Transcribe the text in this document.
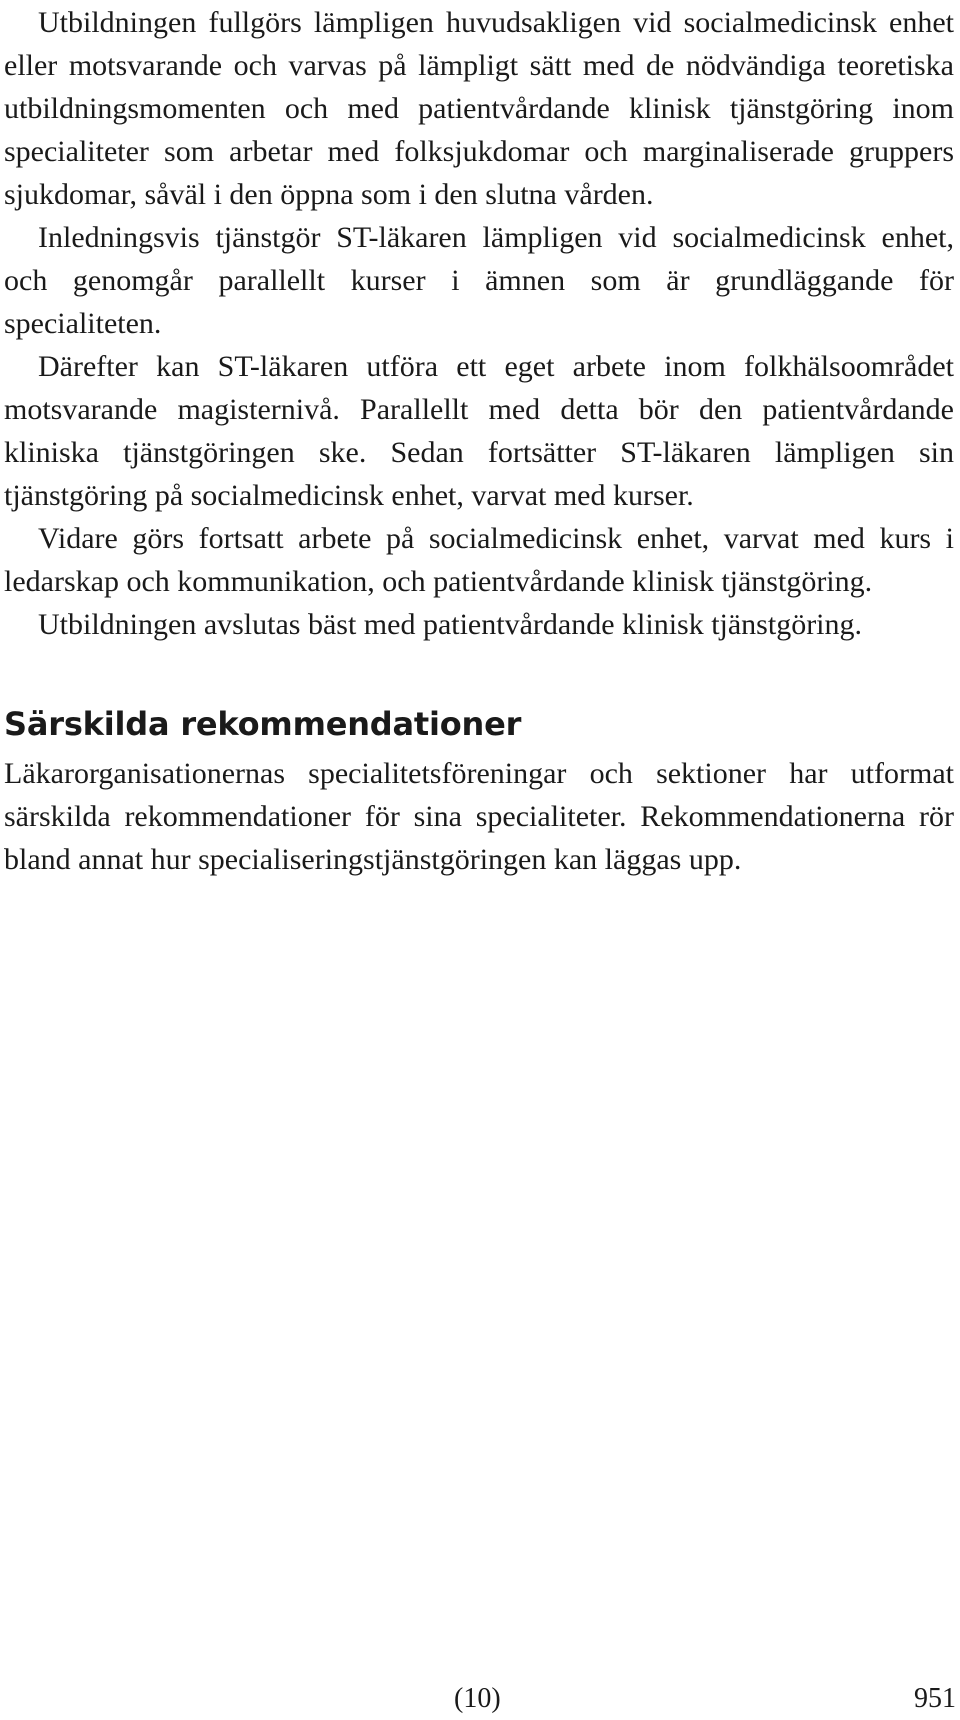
Utbildningen fullgörs lämpligen huvudsakligen vid socialmedicinsk enhet eller motsvarande och varvas på lämpligt sätt med de nödvändiga teoretiska utbildningsmomenten och med patientvårdande klinisk tjänstgöring inom specialiteter som arbetar med folksjukdomar och marginaliserade gruppers sjukdomar, såväl i den öppna som i den slutna vården.

Inledningsvis tjänstgör ST-läkaren lämpligen vid socialmedicinsk enhet, och genomgår parallellt kurser i ämnen som är grundläggande för specialiteten.

Därefter kan ST-läkaren utföra ett eget arbete inom folkhälsoområdet motsvarande magisternivå. Parallellt med detta bör den patientvårdande kliniska tjänstgöringen ske. Sedan fortsätter ST-läkaren lämpligen sin tjänstgöring på socialmedicinsk enhet, varvat med kurser.

Vidare görs fortsatt arbete på socialmedicinsk enhet, varvat med kurs i ledarskap och kommunikation, och patientvårdande klinisk tjänstgöring.

Utbildningen avslutas bäst med patientvårdande klinisk tjänstgöring.

Särskilda rekommendationer

Läkarorganisationernas specialitetsföreningar och sektioner har utformat särskilda rekommendationer för sina specialiteter. Rekommendationerna rör bland annat hur specialiseringstjänstgöringen kan läggas upp.

(10)	951
